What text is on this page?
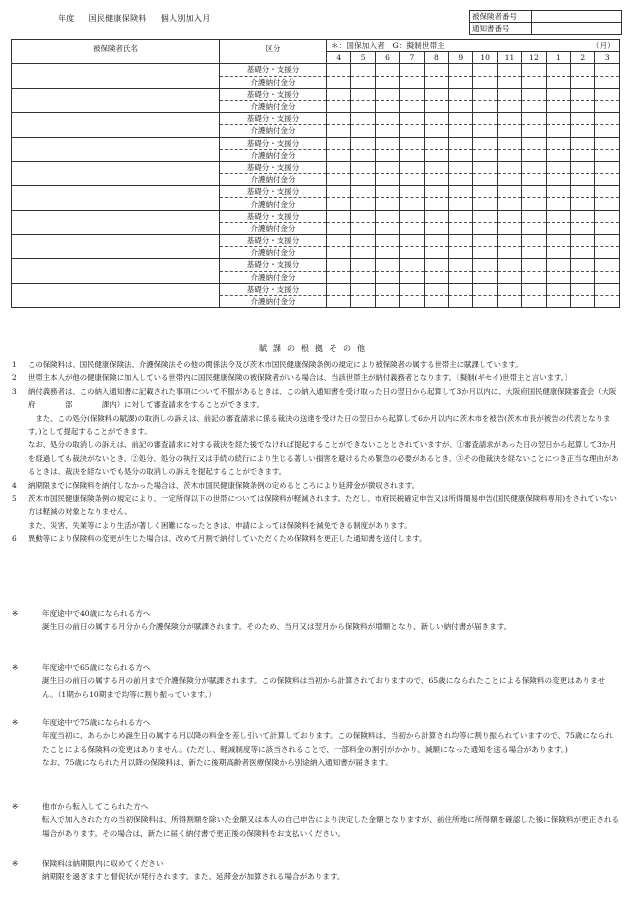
年度 国民健康保険料 個人別加入月	被保険者番号	
通知書番号	
被保険者氏名	区分	＊：国保加入者　G：擬制世帯主 （月）											

		4	5	6	7	8	9	10	11	12	1	2	3
	基礎分・支援分												
	介護納付金分												
	基礎分・支援分												
	介護納付金分												
	基礎分・支援分												
	介護納付金分												
	基礎分・支援分												
	介護納付金分												
	基礎分・支援分												
	介護納付金分												
	基礎分・支援分												
	介護納付金分												
	基礎分・支援分												
	介護納付金分												
	基礎分・支援分												
	介護納付金分												
	基礎分・支援分												
	介護納付金分												
	基礎分・支援分												
	介護納付金分												
賦課の根拠その他
1 この保険料は、国民健康保険法、介護保険法その他の関係法令及び茨木市国民健康保険条例の規定により被保険者の属する世帯主に賦課しています。
2 世帯主本人が他の健康保険に加入している世帯内に国民健康保険の被保険者がいる場合は、当該世帯主が納付義務者となります。〔擬制(ギセイ)世帯主と言います。〕
3 納付義務者は、この納入通知書に記載された事項について不服があるときは、この納入通知書を受け取った日の翌日から起算して3か月以内に、大阪府国民健康保険審査会（大阪府　　　　部　　　　課内）に対して審査請求をすることができます。
　また、この処分(保険料の賦課)の取消しの訴えは、前記の審査請求に係る裁決の送達を受けた日の翌日から起算して6か月以内に茨木市を被告(茨木市長が被告の代表となります。)として提起することができます。
なお、処分の取消しの訴えは、前記の審査請求に対する裁決を経た後でなければ提起することができないこととされていますが、①審査請求があった日の翌日から起算して3か月を経過しても裁決がないとき、②処分、処分の執行又は手続の続行により生じる著しい損害を避けるため緊急の必要があるとき、③その他裁決を経ないことにつき正当な理由があるときは、裁決を経ないでも処分の取消しの訴えを提起することができます。
4 納期限までに保険料を納付しなかった場合は、茨木市国民健康保険条例の定めるところにより延滞金が徴収されます。
5 茨木市国民健康保険条例の規定により、一定所得以下の世帯については保険料が軽減されます。ただし、市府民税確定申告又は所得簡易申告(国民健康保険料専用)をされていない方は軽減の対象となりません。
また、災害、失業等により生活が著しく困難になったときは、申請によっては保険料を減免できる制度があります。
6 異動等により保険料の変更が生じた場合は、改めて月割で納付していただくため保険料を更正した通知書を送付します。
※	年度途中で40歳になられる方へ
誕生日の前日の属する月分から介護保険分が賦課されます。そのため、当月又は翌月から保険料が増額となり、新しい納付書が届きます。
※	年度途中で65歳になられる方へ
誕生日の前日の属する月の前月まで介護保険分が賦課されます。この保険料は当初から計算されておりますので、65歳になられたことによる保険料の変更はありません。（1期から10期まで均等に割り振っています。）
※	年度途中で75歳になられる方へ
年度当初に、あらかじめ誕生日の属する月以降の料金を差し引いて計算しております。この保険料は、当初から計算され均等に割り振られていますので、75歳になられたことによる保険料の変更はありません。(ただし、軽減制度等に該当されることで、一部料金の割引がかかり、減額になった通知を送る場合があります。)
なお、75歳になられた月以降の保険料は、新たに後期高齢者医療保険から別途納入通知書が届きます。
※	他市から転入してこられた方へ
転入で加入された方の当初保険料は、所得割額を除いた金額又は本人の自己申告により決定した金額となりますが、前住所地に所得額を確認した後に保険料が更正される場合があります。その場合は、新たに届く納付書で更正後の保険料をお支払いください。
※	保険料は納期限内に収めてください
納期限を過ぎますと督促状が発行されます。また、延滞金が加算される場合があります。
